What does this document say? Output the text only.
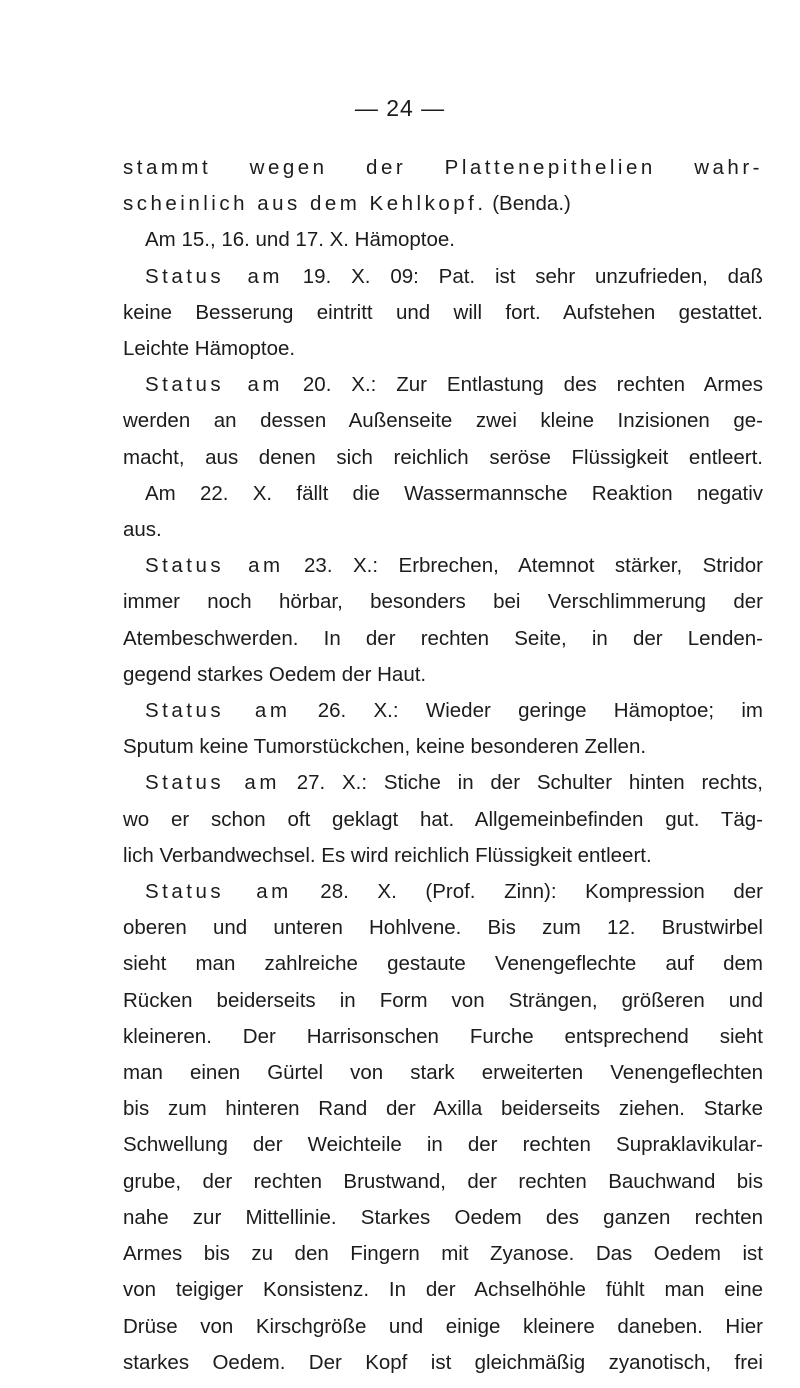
— 24 —
stammt wegen der Plattenepithelien wahr-
scheinlich aus dem Kehlkopf. (Benda.)
Am 15., 16. und 17. X. Hämoptoe.
Status am 19. X. 09: Pat. ist sehr unzufrieden, daß
keine Besserung eintritt und will fort. Aufstehen gestattet.
Leichte Hämoptoe.
Status am 20. X.: Zur Entlastung des rechten Armes
werden an dessen Außenseite zwei kleine Inzisionen ge-
macht, aus denen sich reichlich seröse Flüssigkeit entleert.
Am 22. X. fällt die Wassermannsche Reaktion negativ
aus.
Status am 23. X.: Erbrechen, Atemnot stärker, Stridor
immer noch hörbar, besonders bei Verschlimmerung der
Atembeschwerden. In der rechten Seite, in der Lenden-
gegend starkes Oedem der Haut.
Status am 26. X.: Wieder geringe Hämoptoe; im
Sputum keine Tumorstückchen, keine besonderen Zellen.
Status am 27. X.: Stiche in der Schulter hinten rechts,
wo er schon oft geklagt hat. Allgemeinbefinden gut. Täg-
lich Verbandwechsel. Es wird reichlich Flüssigkeit entleert.
Status am 28. X. (Prof. Zinn): Kompression der
oberen und unteren Hohlvene. Bis zum 12. Brustwirbel
sieht man zahlreiche gestaute Venengeflechte auf dem
Rücken beiderseits in Form von Strängen, größeren und
kleineren. Der Harrisonschen Furche entsprechend sieht
man einen Gürtel von stark erweiterten Venengeflechten
bis zum hinteren Rand der Axilla beiderseits ziehen. Starke
Schwellung der Weichteile in der rechten Supraklavikular-
grube, der rechten Brustwand, der rechten Bauchwand bis
nahe zur Mittellinie. Starkes Oedem des ganzen rechten
Armes bis zu den Fingern mit Zyanose. Das Oedem ist
von teigiger Konsistenz. In der Achselhöhle fühlt man eine
Drüse von Kirschgröße und einige kleinere daneben. Hier
starkes Oedem. Der Kopf ist gleichmäßig zyanotisch, frei
